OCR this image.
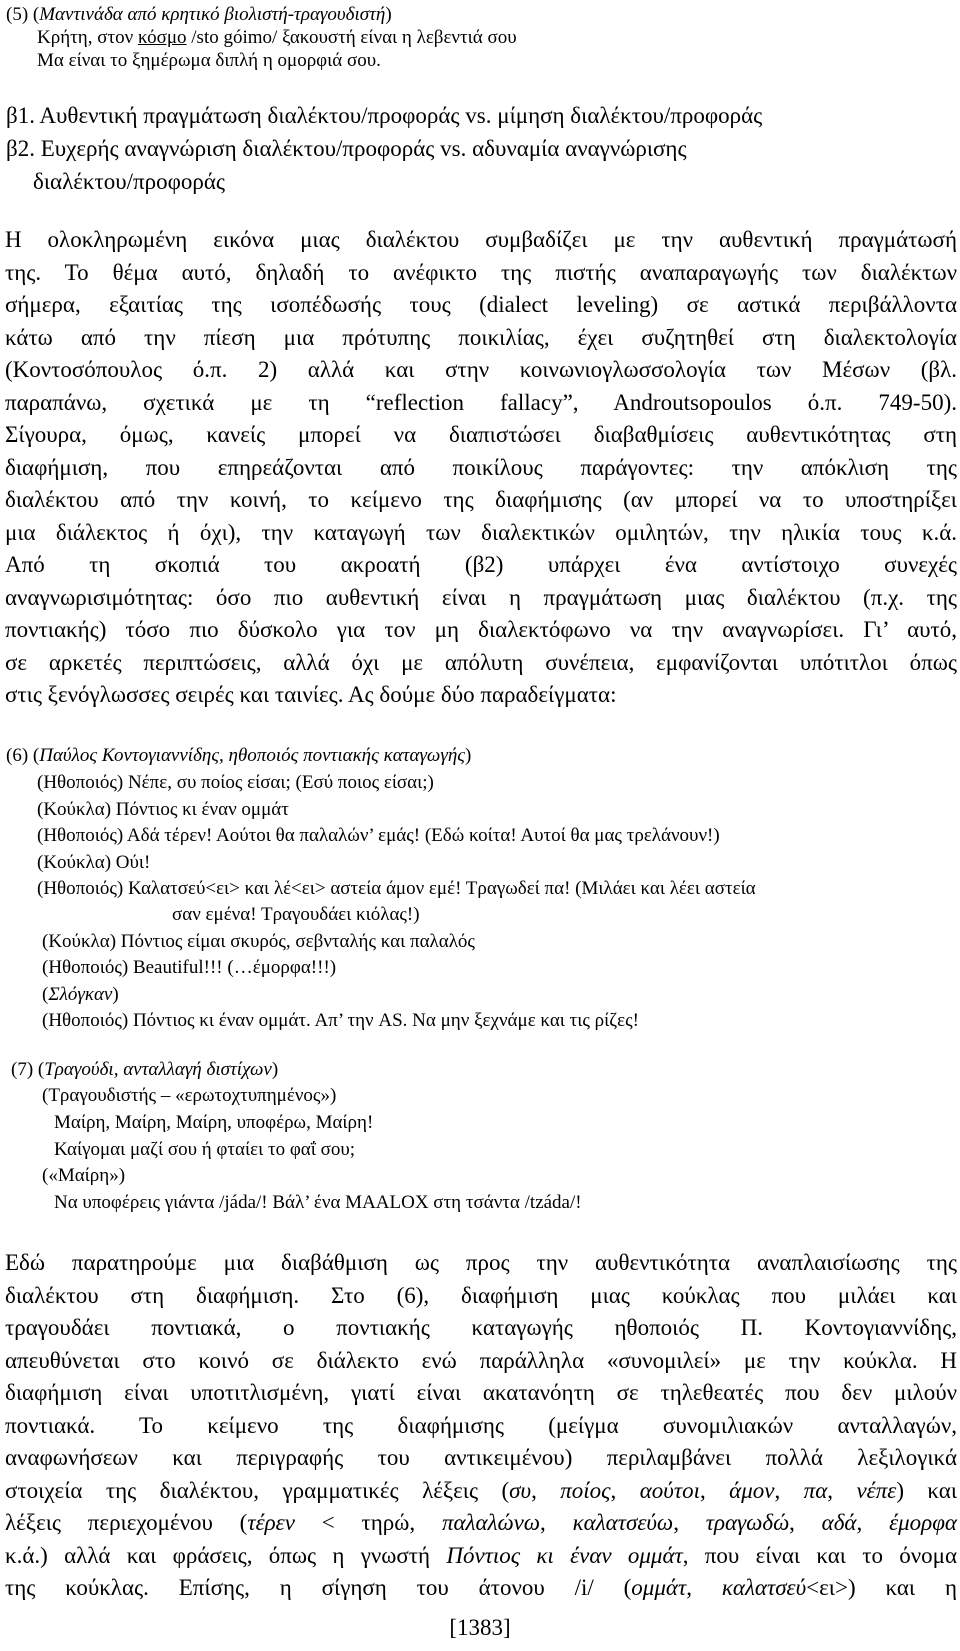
(5) (Μαντινάδα από κρητικό βιολιστή-τραγουδιστή)
Κρήτη, στον κόσμο /sto góimo/ ξακουστή είναι η λεβεντιά σου
Μα είναι το ξημέρωμα διπλή η ομορφιά σου.
β1. Αυθεντική πραγμάτωση διαλέκτου/προφοράς vs. μίμηση διαλέκτου/προφοράς
β2. Ευχερής αναγνώριση διαλέκτου/προφοράς vs. αδυναμία αναγνώρισης
διαλέκτου/προφοράς
Η ολοκληρωμένη εικόνα μιας διαλέκτου συμβαδίζει με την αυθεντική πραγμάτωσή
της. Το θέμα αυτό, δηλαδή το ανέφικτο της πιστής αναπαραγωγής των διαλέκτων
σήμερα, εξαιτίας της ισοπέδωσής τους (dialect leveling) σε αστικά περιβάλλοντα
κάτω από την πίεση μια πρότυπης ποικιλίας, έχει συζητηθεί στη διαλεκτολογία
(Κοντοσόπουλος ό.π. 2) αλλά και στην κοινωνιογλωσσολογία των Μέσων (βλ.
παραπάνω, σχετικά με τη “reflection fallacy”, Androutsopoulos ό.π. 749-50).
Σίγουρα, όμως, κανείς μπορεί να διαπιστώσει διαβαθμίσεις αυθεντικότητας στη
διαφήμιση, που επηρεάζονται από ποικίλους παράγοντες: την απόκλιση της
διαλέκτου από την κοινή, το κείμενο της διαφήμισης (αν μπορεί να το υποστηρίξει
μια διάλεκτος ή όχι), την καταγωγή των διαλεκτικών ομιλητών, την ηλικία τους κ.ά.
Από τη σκοπιά του ακροατή (β2) υπάρχει ένα αντίστοιχο συνεχές
αναγνωρισιμότητας: όσο πιο αυθεντική είναι η πραγμάτωση μιας διαλέκτου (π.χ. της
ποντιακής) τόσο πιο δύσκολο για τον μη διαλεκτόφωνο να την αναγνωρίσει. Γι’ αυτό,
σε αρκετές περιπτώσεις, αλλά όχι με απόλυτη συνέπεια, εμφανίζονται υπότιτλοι όπως
στις ξενόγλωσσες σειρές και ταινίες. Ας δούμε δύο παραδείγματα:
(6) (Παύλος Κοντογιαννίδης, ηθοποιός ποντιακής καταγωγής)
(Ηθοποιός) Νέπε, συ ποίος είσαι; (Εσύ ποιος είσαι;)
(Κούκλα) Πόντιος κι έναν ομμάτ
(Ηθοποιός) Αδά τέρεν! Αούτοι θα παλαλών’ εμάς! (Εδώ κοίτα! Αυτοί θα μας τρελάνουν!)
(Κούκλα) Ούι!
(Ηθοποιός) Καλατσεύ<ει> και λέ<ει> αστεία άμον εμέ! Τραγωδεί πα! (Μιλάει και λέει αστεία
σαν εμένα! Τραγουδάει κιόλας!)
(Κούκλα) Πόντιος είμαι σκυρός, σεβνταλής και παλαλός
(Ηθοποιός) Beautiful!!! (…έμορφα!!!)
(Σλόγκαν)
(Ηθοποιός) Πόντιος κι έναν ομμάτ. Απ’ την AS. Να μην ξεχνάμε και τις ρίζες!
(7) (Τραγούδι, ανταλλαγή διστίχων)
(Τραγουδιστής – «ερωτοχτυπημένος»)
Μαίρη, Μαίρη, Μαίρη, υποφέρω, Μαίρη!
Καίγομαι μαζί σου ή φταίει το φαΐ σου;
(«Μαίρη»)
Να υποφέρεις γιάντα /jáda/! Βάλ’ ένα MAALOX στη τσάντα /tzáda/!
Εδώ παρατηρούμε μια διαβάθμιση ως προς την αυθεντικότητα αναπλαισίωσης της
διαλέκτου στη διαφήμιση. Στο (6), διαφήμιση μιας κούκλας που μιλάει και
τραγουδάει ποντιακά, ο ποντιακής καταγωγής ηθοποιός Π. Κοντογιαννίδης,
απευθύνεται στο κοινό σε διάλεκτο ενώ παράλληλα «συνομιλεί» με την κούκλα. Η
διαφήμιση είναι υποτιτλισμένη, γιατί είναι ακατανόητη σε τηλεθεατές που δεν μιλούν
ποντιακά. Το κείμενο της διαφήμισης (μείγμα συνομιλιακών ανταλλαγών,
αναφωνήσεων και περιγραφής του αντικειμένου) περιλαμβάνει πολλά λεξιλογικά
στοιχεία της διαλέκτου, γραμματικές λέξεις (συ, ποίος, αούτοι, άμον, πα, νέπε) και
λέξεις περιεχομένου (τέρεν < τηρώ, παλαλώνω, καλατσεύω, τραγωδώ, αδά, έμορφα
κ.ά.) αλλά και φράσεις, όπως η γνωστή Πόντιος κι έναν ομμάτ, που είναι και το όνομα
της κούκλας. Επίσης, η σίγηση του άτονου /i/ (ομμάτ, καλατσεύ<ει>) και η
[1383]
